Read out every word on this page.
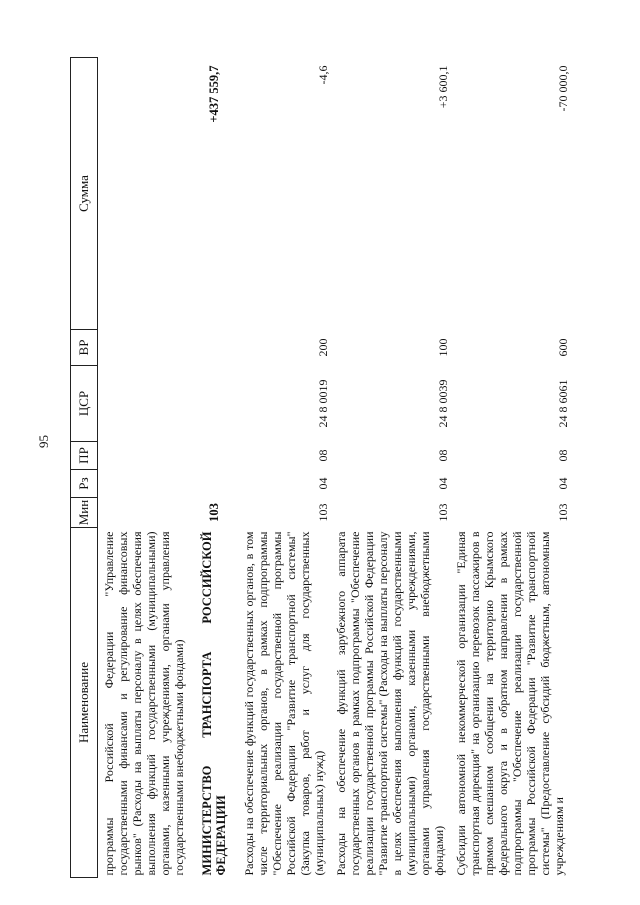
95
Наименование	Мин	Рз	ПР	ЦСР	ВР	Сумма
программы Российской Федерации "Управление государственными финансами и регулирование финансовых рынков" (Расходы на выплаты персоналу в целях обеспечения выполнения функций государственными (муниципальными) органами, казенными учреждениями, органами управления государственными внебюджетными фондами)						
МИНИСТЕРСТВО ТРАНСПОРТА РОССИЙСКОЙ ФЕДЕРАЦИИ	103					+437 559,7
Расходы на обеспечение функций государственных органов, в том числе территориальных органов, в рамках подпрограммы "Обеспечение реализации государственной программы Российской Федерации "Развитие транспортной системы" (Закупка товаров, работ и услуг для государственных (муниципальных) нужд)	103	04	08	24 8 0019	200	-4,6
Расходы на обеспечение функций зарубежного аппарата государственных органов в рамках подпрограммы "Обеспечение реализации государственной программы Российской Федерации "Развитие транспортной системы" (Расходы на выплаты персоналу в целях обеспечения выполнения функций государственными (муниципальными) органами, казенными учреждениями, органами управления государственными внебюджетными фондами)	103	04	08	24 8 0039	100	+3 600,1
Субсидии автономной некоммерческой организации "Единая транспортная дирекция" на организацию перевозок пассажиров в прямом смешанном сообщении на территорию Крымского федерального округа и в обратном направлении в рамках подпрограммы "Обеспечение реализации государственной программы Российской Федерации "Развитие транспортной системы" (Предоставление субсидий бюджетным, автономным учреждениям и	103	04	08	24 8 6061	600	-70 000,0
